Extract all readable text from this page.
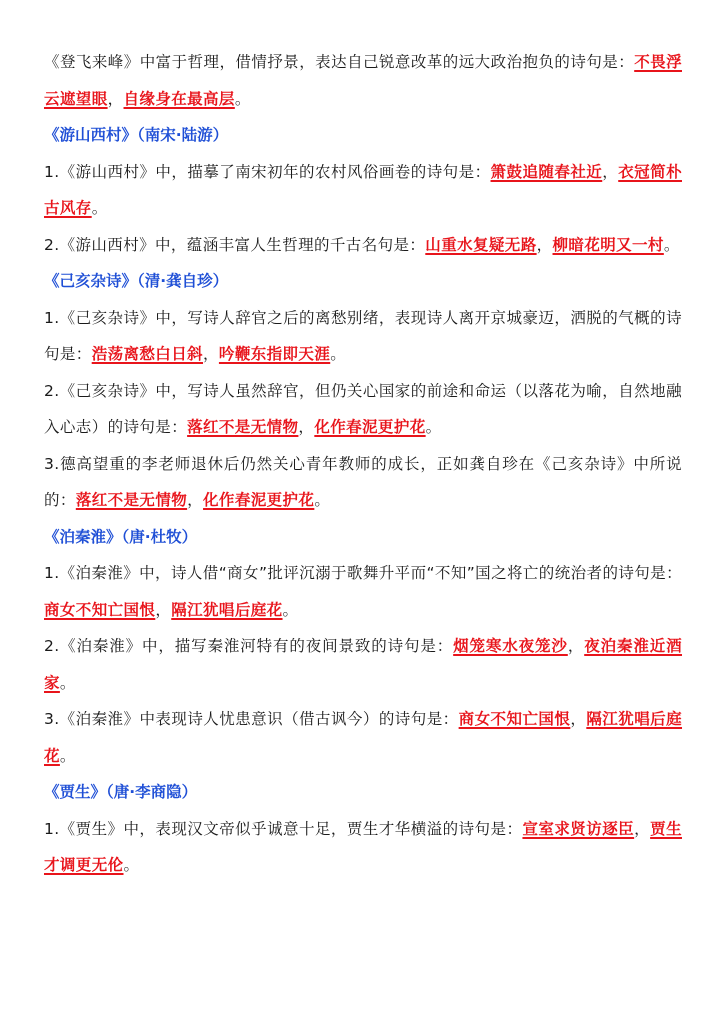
《登飞来峰》中富于哲理，借情抒景，表达自己锐意改革的远大政治抱负的诗句是：不畏浮云遮望眼，自缘身在最高层。
《游山西村》（南宋·陆游）
1.《游山西村》中，描摹了南宋初年的农村风俗画卷的诗句是：箫鼓追随春社近，衣冠简朴古风存。
2.《游山西村》中，蕴涵丰富人生哲理的千古名句是：山重水复疑无路，柳暗花明又一村。
《己亥杂诗》（清·龚自珍）
1.《己亥杂诗》中，写诗人辞官之后的离愁别绪，表现诗人离开京城豪迈，洒脱的气概的诗句是：浩荡离愁白日斜，吟鞭东指即天涯。
2.《己亥杂诗》中，写诗人虽然辞官，但仍关心国家的前途和命运（以落花为喻，自然地融入心志）的诗句是：落红不是无情物，化作春泥更护花。
3.德高望重的李老师退休后仍然关心青年教师的成长，正如龚自珍在《己亥杂诗》中所说的：落红不是无情物，化作春泥更护花。
《泊秦淮》（唐·杜牧）
1.《泊秦淮》中，诗人借“商女”批评沉溺于歌舞升平而“不知”国之将亡的统治者的诗句是：商女不知亡国恨，隔江犹唱后庭花。
2.《泊秦淮》中，描写秦淮河特有的夜间景致的诗句是：烟笼寒水夜笼沙，夜泊秦淮近酒家。
3.《泊秦淮》中表现诗人忧患意识（借古讽今）的诗句是：商女不知亡国恨，隔江犹唱后庭花。
《贾生》（唐·李商隐）
1.《贾生》中，表现汉文帝似乎诚意十足，贾生才华横溢的诗句是：宣室求贤访逐臣，贾生才调更无伦。
